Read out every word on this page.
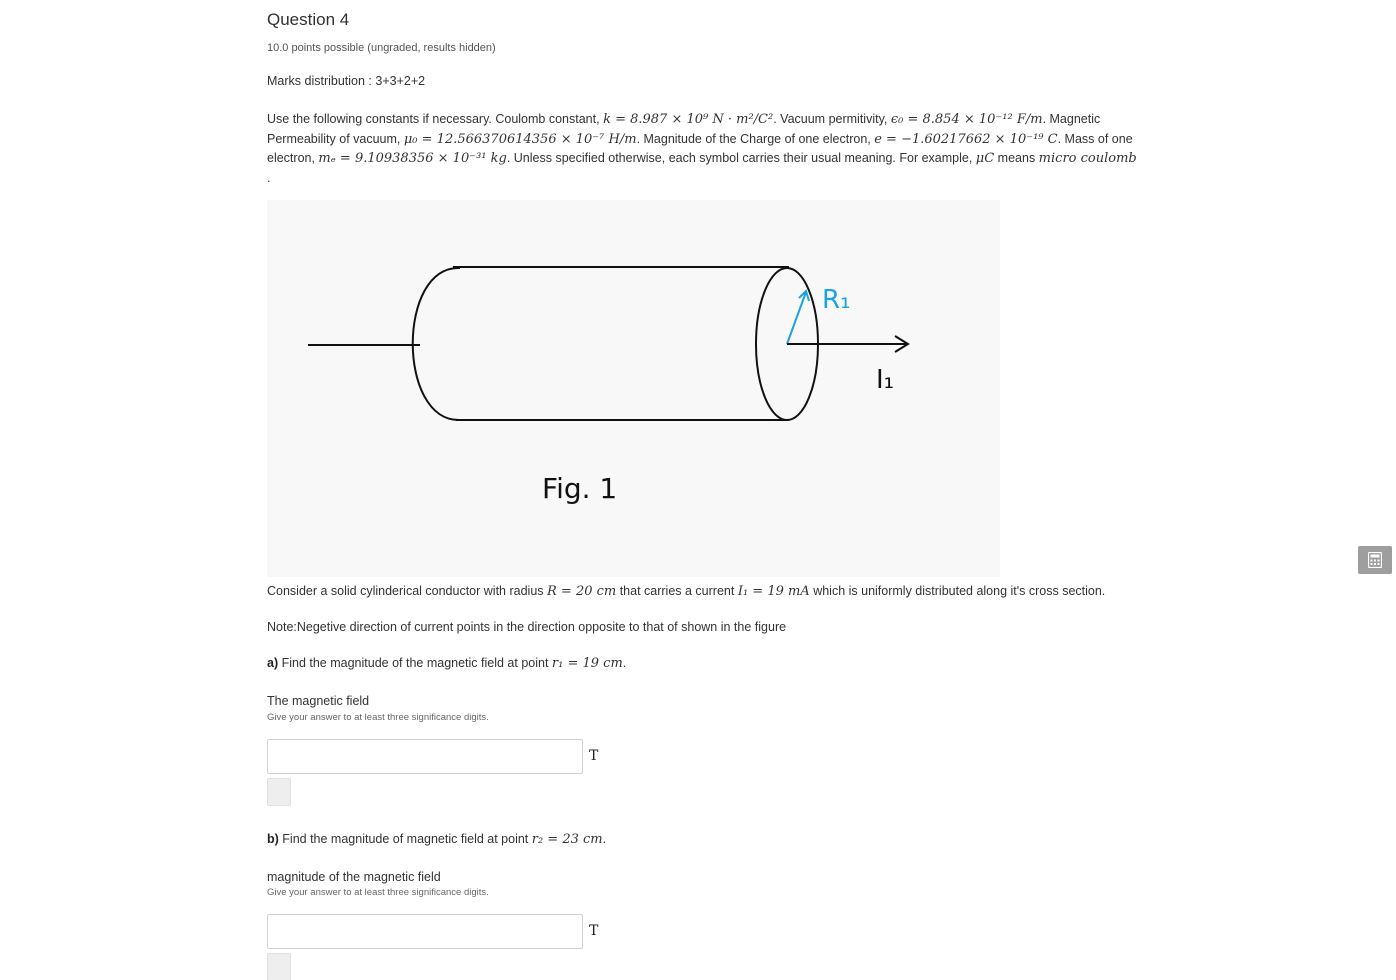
Question 4
10.0 points possible (ungraded, results hidden)
Marks distribution : 3+3+2+2
Use the following constants if necessary. Coulomb constant, k = 8.987 × 10⁹ N · m²/C². Vacuum permitivity, ϵ₀ = 8.854 × 10⁻¹² F/m. Magnetic Permeability of vacuum, μ₀ = 12.566370614356 × 10⁻⁷ H/m. Magnitude of the Charge of one electron, e = −1.60217662 × 10⁻¹⁹ C. Mass of one electron, mₑ = 9.10938356 × 10⁻³¹ kg. Unless specified otherwise, each symbol carries their usual meaning. For example, μC means micro coulomb
.
R₁
I₁
Fig. 1
Consider a solid cylinderical conductor with radius R = 20 cm that carries a current I₁ = 19 mA which is uniformly distributed along it's cross section.
Note:Negetive direction of current points in the direction opposite to that of shown in the figure
a) Find the magnitude of the magnetic field at point r₁ = 19 cm.
The magnetic field
Give your answer to at least three significance digits.
T
b) Find the magnitude of magnetic field at point r₂ = 23 cm.
magnitude of the magnetic field
Give your answer to at least three significance digits.
T
